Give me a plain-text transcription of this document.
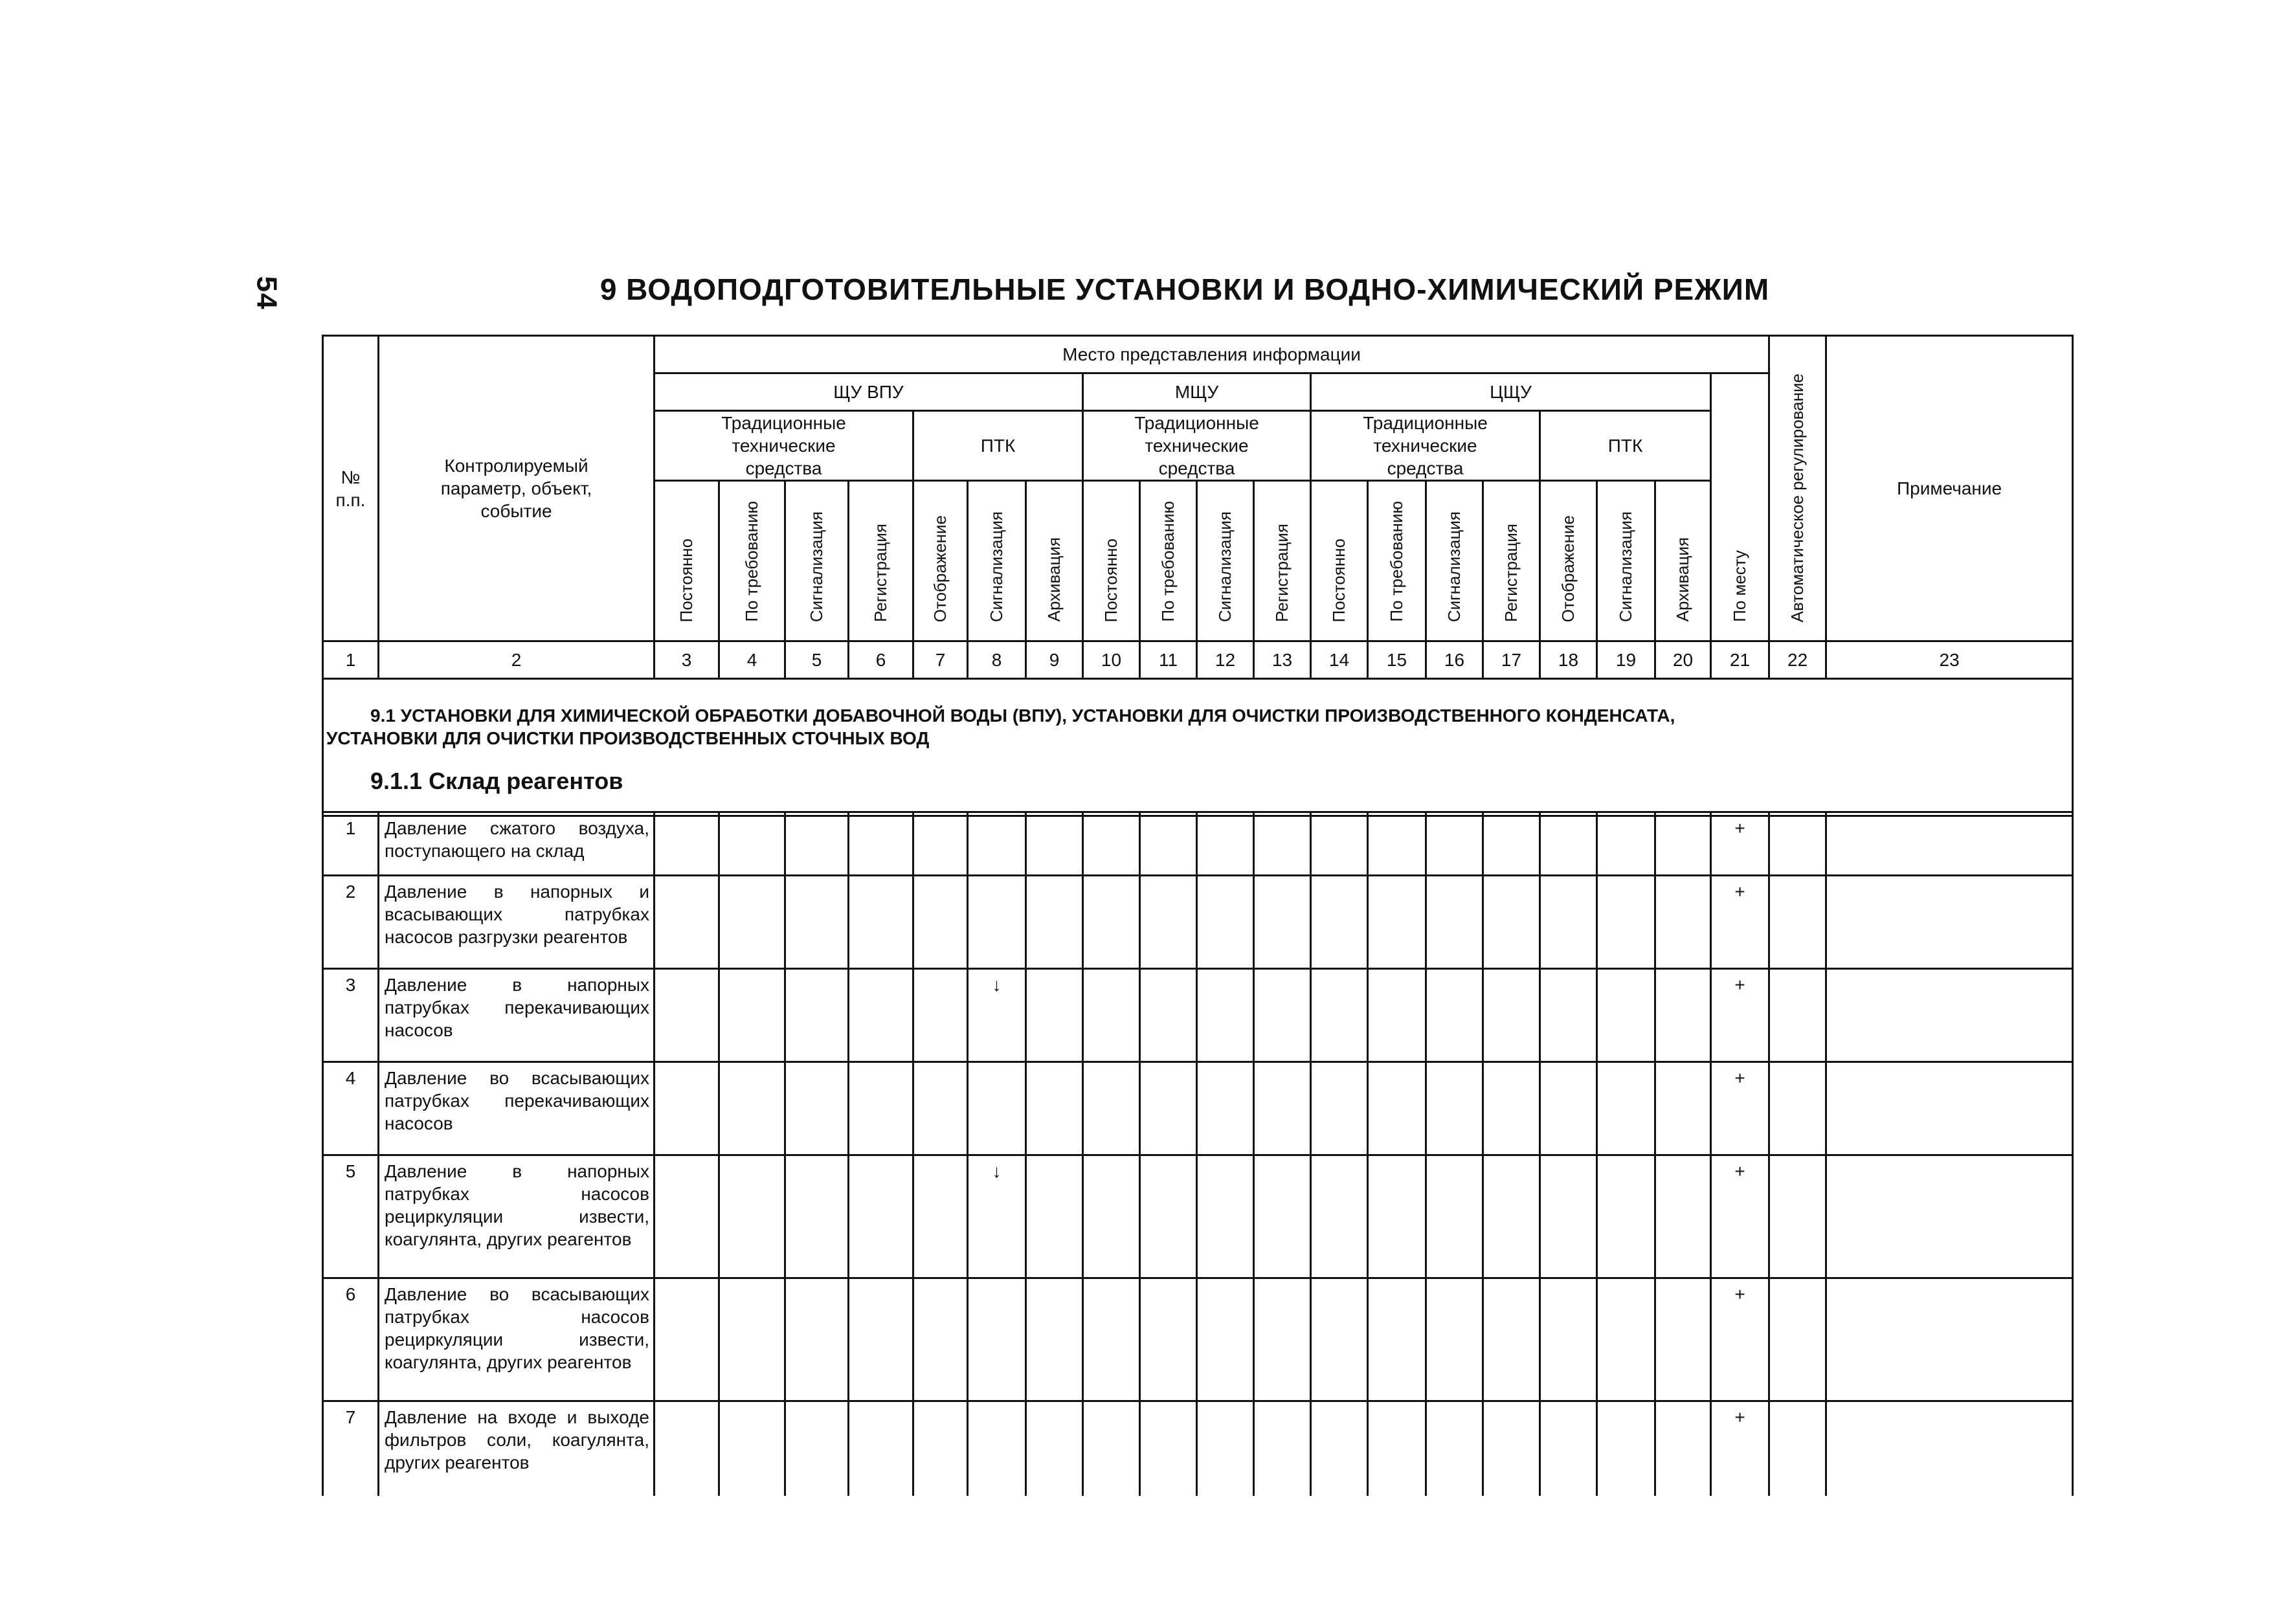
54	9 ВОДОПОДГОТОВИТЕЛЬНЫЕ УСТАНОВКИ И ВОДНО-ХИМИЧЕСКИЙ РЕЖИМ
№ п.п.	Контролируемый параметр, объект, событие	Место представления информации																			Автоматическое регулирование	Примечание
		ЩУ ВПУ							МЩУ				ЦЩУ							По месту		
		Традиционные технические средства				ПТК			Традиционные технические средства				Традиционные технические средства				ПТК					
		Постоянно	По требованию	Сигнализация	Регистрация	Отображение	Сигнализация	Архивация	Постоянно	По требованию	Сигнализация	Регистрация	Постоянно	По требованию	Сигнализация	Регистрация	Отображение	Сигнализация	Архивация			
1	2	3	4	5	6	7	8	9	10	11	12	13	14	15	16	17	18	19	20	21	22	23

9.1 УСТАНОВКИ ДЛЯ ХИМИЧЕСКОЙ ОБРАБОТКИ ДОБАВОЧНОЙ ВОДЫ (ВПУ), УСТАНОВКИ ДЛЯ ОЧИСТКИ ПРОИЗВОДСТВЕННОГО КОНДЕНСАТА,
УСТАНОВКИ ДЛЯ ОЧИСТКИ ПРОИЗВОДСТВЕННЫХ СТОЧНЫХ ВОД
9.1.1 Склад реагентов																						
1	Давление сжатого воздуха, поступающего на склад																			+		
2	Давление в напорных и всасывающих патрубках насосов разгрузки реагентов																			+		
3	Давление в напорных патрубках перекачивающих насосов						↓													+		
4	Давление во всасывающих патрубках перекачивающих насосов																			+		
5	Давление в напорных патрубках насосов рециркуляции извести, коагулянта, других реагентов						↓													+		
6	Давление во всасывающих патрубках насосов рециркуляции извести, коагулянта, других реагентов																			+		
7	Давление на входе и выходе фильтров соли, коагулянта, других реагентов																			+		
